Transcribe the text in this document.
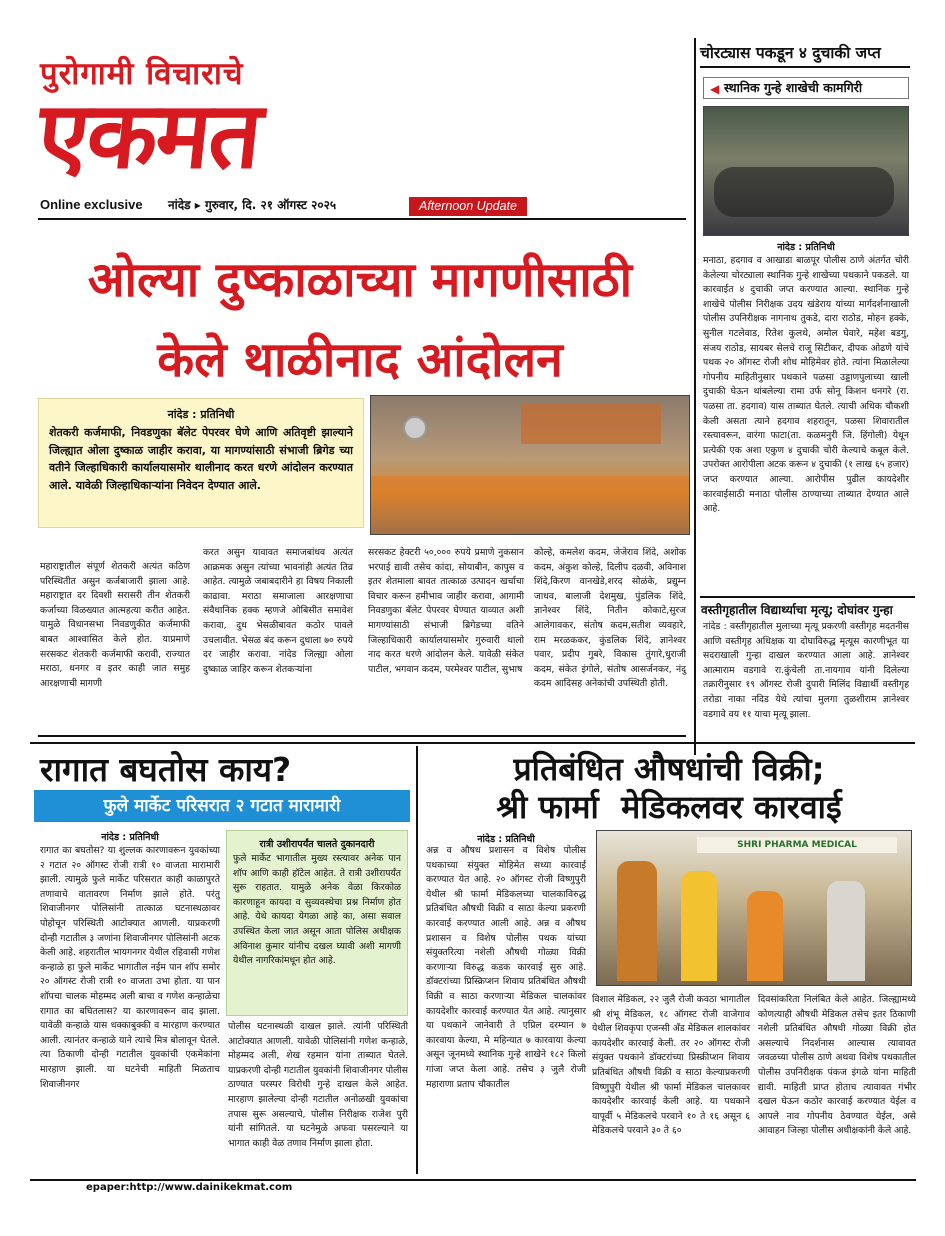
पुरोगामी विचाराचे
एकमत
Online exclusive	नांदेड ▸ गुरुवार, दि. २१ ऑगस्ट २०२५	Afternoon Update
ओल्या दुष्काळाच्या मागणीसाठी
केले थाळीनाद आंदोलन
नांदेड : प्रतिनिधी
शेतकरी कर्जमाफी, निवडणुका बॅलेट पेपरवर घेणे आणि अतिवृष्टी झाल्याने जिल्ह्यात ओला दुष्काळ जाहीर करावा, या मागण्यांसाठी संभाजी ब्रिगेड च्या वतीने जिल्हाधिकारी कार्यालयासमोर थालीनाद करत धरणे आंदोलन करण्यात आले. यावेळी जिल्हाधिकाऱ्यांना निवेदन देण्यात आले.
महाराष्ट्रातील संपूर्ण शेतकरी अत्यंत कठिण परिस्थितीत असुन कर्जबाजारी झाला आहे. महाराष्ट्रात दर दिवशी सरासरी तीन शेतकरी कर्जाच्या विळख्यात आत्महत्या करीत आहेत. यामुळे विधानसभा निवडणुकीत कर्जमाफी बाबत आश्वासित केले होत. याप्रमाणे सरसकट शेतकरी कर्जमाफी करावी, राज्यात मराठा, धनगर व इतर काही जात समुह आरक्षणाची मागणी
करत असुन यावावत समाजबांधव अत्यंत आक्रमक असुन त्यांच्या भावनांही अत्यंत तिव्र आहेत. त्यामुळे जबाबदारीने हा विषय निकाली काढावा. मराठा समाजाला आरक्षणाचा संवैधानिक हक्क म्हणजे ओबिसीत समावेश करावा, दुध भेसळीबावत कठोर पावले उचलावीत. भेसळ बंद करून दुधाला ७० रुपये दर जाहीर करावा. नांदेड जिल्ह्या ओला दुष्काळ जाहिर करून शेतकऱ्यांना
सरसकट हेक्टरी ५०,००० रुपये प्रमाणे नुकसान भरपाई द्यावी तसेच कांदा, सोयाबीन, कापुस व इतर शेतमाला बावत तात्काळ उत्पादन खर्चाचा विचार करून हमीभाव जाहीर करावा, आगामी निवडणुका बॅलेट पेपरवर घेण्यात याव्यात अशी मागण्यांसाठी संभाजी ब्रिगेडच्या वतिने जिल्हाधिकारी कार्यालयासमोर गुरुवारी थालो नाद करत धरणे आंदोलन केले. यावेळी संकेत पाटील, भगवान कदम, परमेश्वर पाटील, सुभाष
कोल्हे, कमलेश कदम, जेजेराव शिंदे, अशोक कदम, अंकुश कोल्हे, दिलीप दळवी, अविनाश शिंदे,किरण वानखेडे,शरद सोळंके, प्रद्युम्न जाधव, बालाजी देशमुख, पुंडलिक शिंदे, ज्ञानेश्वर शिंदे, नितीन कोकाटे,सुरज आलेगावकर, संतोष कदम,सतीश व्यवहारे, राम मरळककर, कुंडलिक शिंदे, ज्ञानेश्वर पवार, प्रदीप गुबरे, विकास तुंगारे,धुराजी कदम, संकेत इंगोले, संतोष आसर्जनकर, नंदु कदम आदिसह अनेकांची उपस्थिती होती.
चोरट्यास पकडून ४ दुचाकी जप्त
◀ स्थानिक गुन्हे शाखेची कामगिरी
नांदेड : प्रतिनिधी
मनाठा, हदगाव व आखाडा बाळपूर पोलीस ठाणे अंतर्गत चोरी केलेल्या चोरट्याला स्थानिक गुन्हे शाखेच्या पथकाने पकडले. या कारवाईत ४ दुचाकी जप्त करण्यात आल्या. स्थानिक गुन्हे शाखेचे पोलीस निरीक्षक उदय खंडेराय यांच्या मार्गदर्शनाखाली पोलीस उपनिरीक्षक नागनाथ तुकडे, दारा राठोड, मोहन हक्के, सुनील गटलेवाड, रितेश कुलथे, अमोल घेवारे, महेश बडगु, संजय राठोड, सायबर सेलचे राजू सिटीकर, दीपक ओढणे यांचे पथक २० ऑगस्ट रोजी शोध मोहिमेवर होते. त्यांना मिळालेल्या गोपनीय माहितीनुसार पथकाने पळसा उड्डाणपुलाच्या खाली दुचाकी घेऊन थांबलेल्या रामा उर्फ सोनू किशन धनगरे (रा. पळसा ता. हदगाव) यास ताब्यात घेतले. त्याची अधिक चौकशी केली असता त्याने हदगाव शहरातून, पळसा शिवारातील रस्त्यावरून, वारंगा फाटा(ता. कळमनुरी जि. हिंगोली) येथून प्रत्येकी एक अशा एकुण ४ दुचाकी चोरी केल्याचे कबूल केले. उपरोक्त आरोपीला अटक करून ४ दुचाकी (१ लाख ६५ हजार) जप्त करण्यात आल्या. आरोपीस पुढील कायदेशीर कारवाईसाठी मनाठा पोलीस ठाण्याच्या ताब्यात देण्यात आले आहे.
वस्तीगृहातील विद्यार्थ्याचा मृत्यू; दोघांवर गुन्हा
नांदेड : वस्तीगृहातील मुलाच्या मृत्यू प्रकरणी वस्तीगृह मदतनीस आणि वस्तीगृह अधिक्षक या दोघाविरुद्ध मृत्यूस कारणीभूत या सदराखाली गुन्हा दाखल करण्यात आला आहे. ज्ञानेश्वर आत्माराम वडगावे रा.कुंचेली ता.नायगाव यांनी दिलेल्या तक्रारीनुसार १९ ऑगस्ट रोजी दुपारी मिलिंद विद्यार्थी वस्तीगृह तरोडा नाका नदिड येथे त्यांचा मुलगा तुळशीराम ज्ञानेश्वर वडगावे वय ११ याचा मृत्यू झाला.
रागात बघतोस काय?
फुले मार्केट परिसरात २ गटात मारामारी
नांदेड : प्रतिनिधी
रात्री उशीरापर्यंत चालते दुकानदारी
फुले मार्केट भागातील मुख्य रस्त्यावर अनेक पान शॉप आणि काही हॉटेल आहेत. ते रात्री उशीरापर्यंत सुरू राहतात. यामुळे अनेक वेळा किरकोळ कारणाहून कायदा व सुव्यवस्थेचा प्रश्न निर्माण होत आहे. येथे कायदा येगळा आहे का, असा सवाल उपस्थित केला जात असून आता पोलिस अधीक्षक अविनाश कुमार यांनीच दखल घ्यावी अशी मागणी येथील नागरिकांमधून होत आहे.
रागात का बघतोस? या शुल्लक कारणावरून युवकांच्या २ गटात २० ऑगस्ट रोजी रात्री १० वाजता मारामारी झाली. त्यामुळे फुले मार्केट परिसरात काही काळापुरते तणावाचे वातावरण निर्माण झाले होते. परंतु शिवाजीनगर पोलिसांनी तात्काळ घटनास्थळावर पोहोचून परिस्थिती आटोक्यात आणली. याप्रकरणी दोन्ही गटातील ३ जणांना शिवाजीनगर पोलिसांनी अटक केली आहे. शहरातील भायगनगर येथील रहिवासी गणेश कन्हाळे हा फुले मार्केट भागातील नईम पान शॉप समोर २० ऑगस्ट रोजी रात्री १० वाजता उभा होता. या पान शॉपचा चालक मोहम्मद अली बाचा व गणेश कन्हाळेचा रागात का बघितलास? या कारणावरून वाद झाला. यावेळी कन्हाळे यास धक्काबुक्की व मारहाण करण्यात आली. त्यानंतर कन्हाळे याने त्याचे मित्र बोलावून घेतले. त्या ठिकाणी दोन्ही गटातील युवकांची एकमेकांना मारहाण झाली. या घटनेची माहिती मिळताच शिवाजीनगर
पोलीस घटनास्थळी दाखल झाले. त्यांनी परिस्थिती आटोक्यात आणली. यावेळी पोलिसांनी गणेश कन्हाळे, मोहम्मद अली, शेख रहमान यांना ताब्यात घेतले. याप्रकरणी दोन्ही गटातील युवकांनी शिवाजीनगर पोलीस ठाण्यात परस्पर विरोधी गुन्हे दाखल केले आहेत. मारहाण झालेल्या दोन्ही गटातील अनोळखी युवकांचा तपास सुरू असल्याचे, पोलीस निरीक्षक राजेश पुरी यांनी सांगितले. या घटनेमुळे अफवा पसरल्याने या भागात काही वेळ तणाव निर्माण झाला होता.
प्रतिबंधित औषधांची विक्री;
श्री फार्मा  मेडिकलवर कारवाई
नांदेड : प्रतिनिधी
अन्न व औषध प्रशासन व विशेष पोलीस पथकाच्या संयुक्त मोहिमेत सध्या कारवाई करण्यात येत आहे. २० ऑगस्ट रोजी विष्णुपुरी येथील श्री फार्मा मेडिकलच्या चालकाविरुद्ध प्रतिबंधित औषधी विक्री व साठा केल्या प्रकरणी कारवाई करण्यात आली आहे. अन्न व औषध प्रशासन व विशेष पोलीस पथक यांच्या संयुक्तरित्या नशेली औषधी गोळ्या विक्री करणाऱ्या विरुद्ध कडक कारवाई सुरु आहे. डॉक्टरांच्या प्रिस्क्रिप्शन शिवाय प्रतिबंधित औषधी विक्री व साठा करणाऱ्या मेडिकल चालकांवर कायदेशीर कारवाई करण्यात येत आहे. त्यानुसार या पथकाने जानेवारी ते एप्रिल दरम्यान ७ कारवाया केल्या, मे महिन्यात ७ कारवाया केल्या असून जूनमध्ये स्थानिक गुन्हे शाखेने १८२ किलो गांजा जप्त केला आहे. तसेच ३ जुलै रोजी महाराणा प्रताप चौकातील
SHRI PHARMA MEDICAL
विशाल मेडिकल, २२ जुलै रोजी कवठा भागातील श्री शंभू मेडिकल, १८ ऑगस्ट रोजी वाजेगाव येथील शिवकृपा एजन्सी अँड मेडिकल शालकांवर कायदेशीर कारवाई केली. तर २० ऑगस्ट रोजी संयुक्त पथकाने डॉक्टरांच्या प्रिस्क्रीप्शन शिवाय प्रतिबंधित औषधी विक्री व साठा केल्याप्रकरणी विष्णुपुरी येथील श्री फार्मा मेडिकल चालकावर कायदेशीर कारवाई केली आहे. या पथकाने यापूर्वी ५ मेडिकलचे परवाने १० ते १६ असून ६ मेडिकलचे परवाने ३० ते ६०
दिवसांकरिता निलंबित केले आहेत. जिल्ह्यामध्ये कोणत्याही औषधी मेडिकल तसेच इतर ठिकाणी नशेली प्रतिबंधित औषधी गोळ्या विक्री होत असल्याचे निदर्शनास आल्यास त्यावावत जवळच्या पोलीस ठाणे अथवा विशेष पथकातील पोलीस उपनिरीक्षक पंकज इंगळे यांना माहिती द्यावी. माहिती प्राप्त होताच त्यावावत गंभीर दखल घेऊन कठोर कारवाई करण्यात येईल व आपले नाव गोपनीय ठेवण्यात येईल, असे आवाहन जिल्हा पोलीस अधीक्षकांनी केले आहे.
epaper:http://www.dainikekmat.com
